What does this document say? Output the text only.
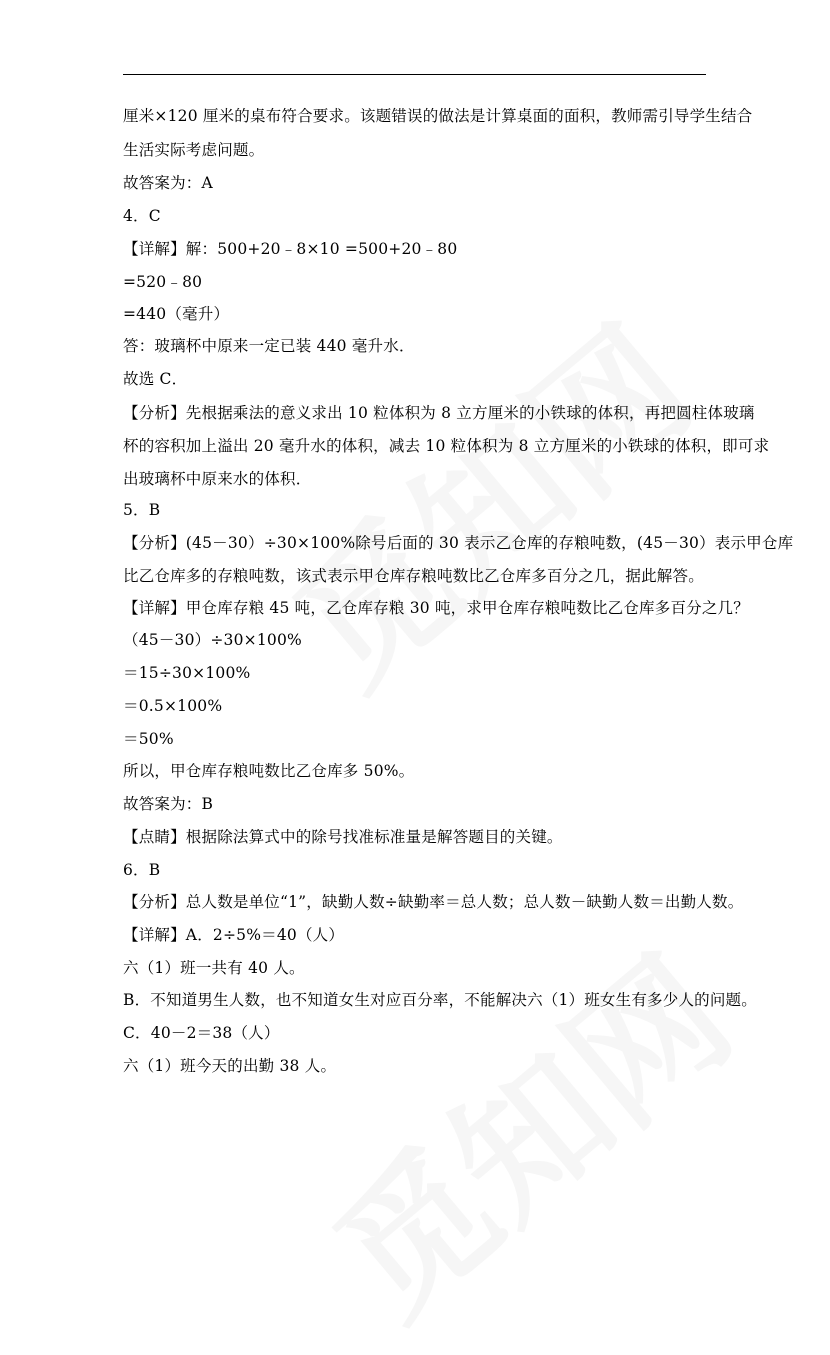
厘米×120 厘米的桌布符合要求。该题错误的做法是计算桌面的面积，教师需引导学生结合
生活实际考虑问题。
故答案为：A
4．C
【详解】解：500+20﹣8×10 =500+20﹣80
=520﹣80
=440（毫升）
答：玻璃杯中原来一定已装 440 毫升水．
故选 C．
【分析】先根据乘法的意义求出 10 粒体积为 8 立方厘米的小铁球的体积，再把圆柱体玻璃
杯的容积加上溢出 20 毫升水的体积，减去 10 粒体积为 8 立方厘米的小铁球的体积，即可求
出玻璃杯中原来水的体积．
5．B
【分析】(45－30）÷30×100%除号后面的 30 表示乙仓库的存粮吨数，(45－30）表示甲仓库
比乙仓库多的存粮吨数，该式表示甲仓库存粮吨数比乙仓库多百分之几，据此解答。
【详解】甲仓库存粮 45 吨，乙仓库存粮 30 吨，求甲仓库存粮吨数比乙仓库多百分之几？
（45－30）÷30×100%
＝15÷30×100%
＝0.5×100%
＝50%
所以，甲仓库存粮吨数比乙仓库多 50%。
故答案为：B
【点睛】根据除法算式中的除号找准标准量是解答题目的关键。
6．B
【分析】总人数是单位“1”，缺勤人数÷缺勤率＝总人数；总人数－缺勤人数＝出勤人数。
【详解】A．2÷5%＝40（人）
六（1）班一共有 40 人。
B．不知道男生人数，也不知道女生对应百分率，不能解决六（1）班女生有多少人的问题。
C．40－2＝38（人）
六（1）班今天的出勤 38 人。
